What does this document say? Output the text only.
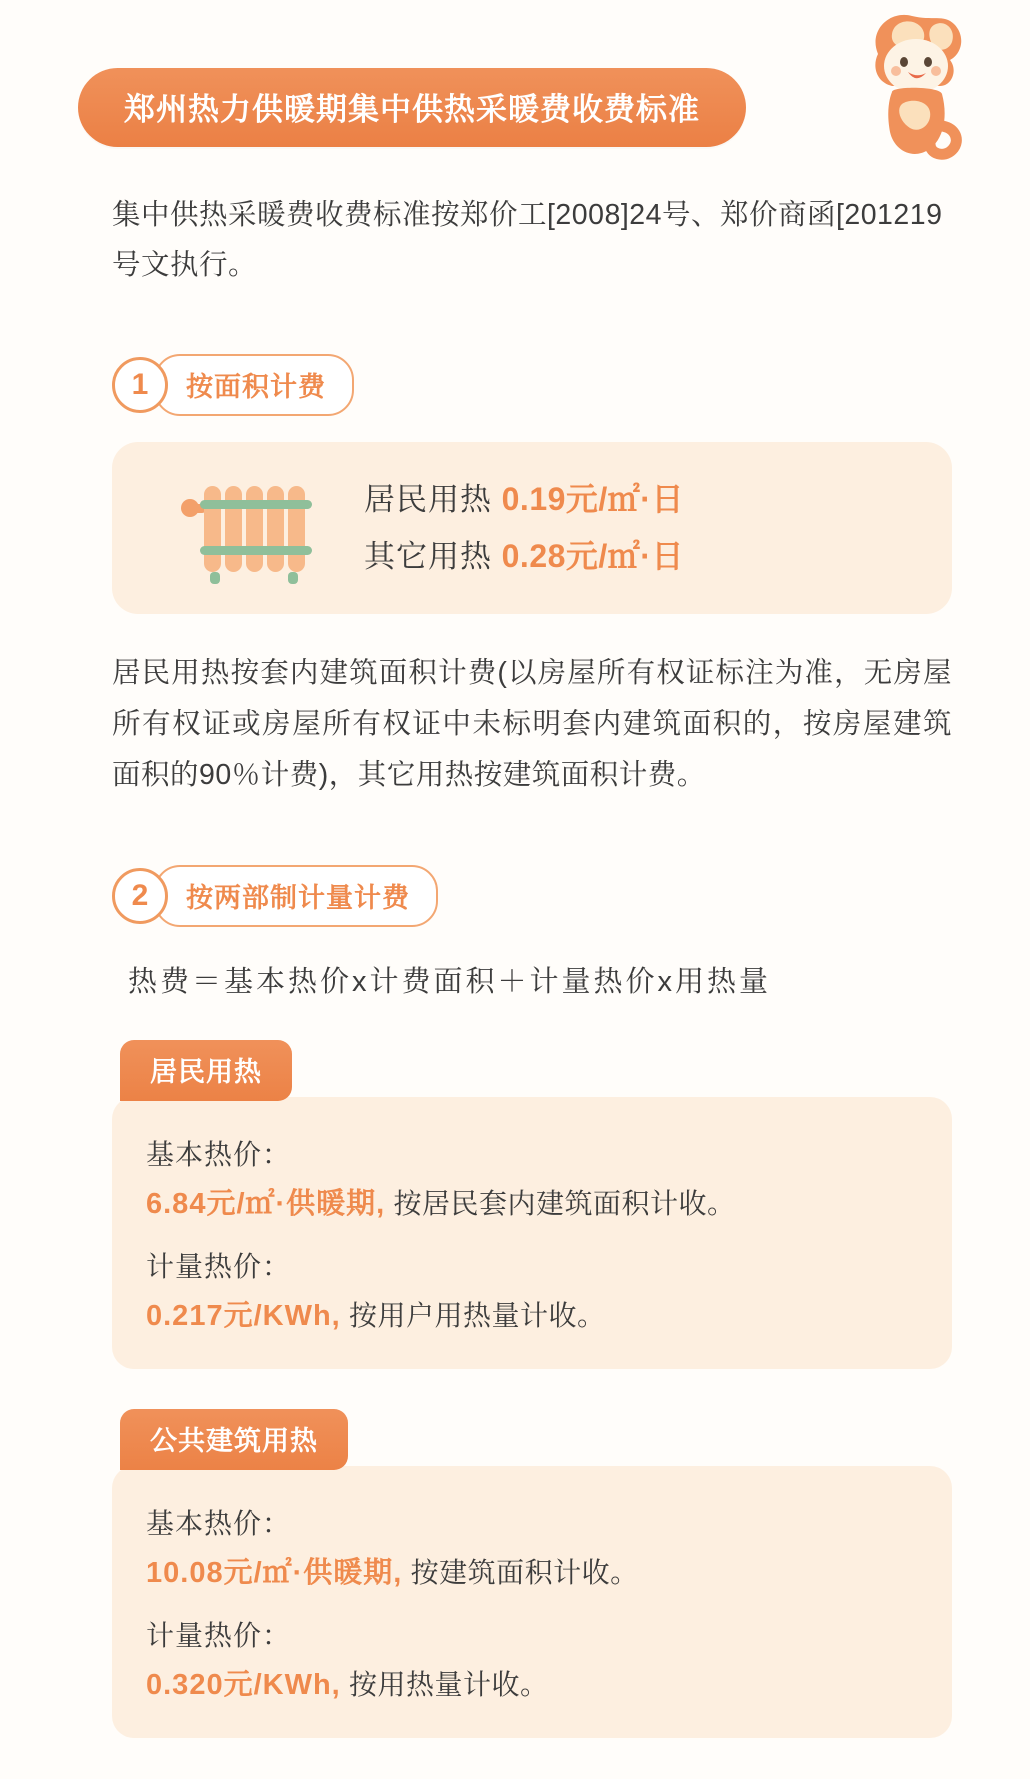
郑州热力供暖期集中供热采暖费收费标准

集中供热采暖费收费标准按郑价工[2008]24号、郑价商函[201219号文执行。

1	按面积计费
居民用热 0.19元/㎡·日
其它用热 0.28元/㎡·日

居民用热按套内建筑面积计费(以房屋所有权证标注为准，无房屋所有权证或房屋所有权证中未标明套内建筑面积的，按房屋建筑面积的90％计费)，其它用热按建筑面积计费。

2	按两部制计量计费
热费＝基本热价x计费面积＋计量热价x用热量
居民用热
基本热价：
6.84元/㎡·供暖期, 按居民套内建筑面积计收。
计量热价：
0.217元/KWh, 按用户用热量计收。
公共建筑用热
基本热价：
10.08元/㎡·供暖期, 按建筑面积计收。
计量热价：
0.320元/KWh, 按用热量计收。
